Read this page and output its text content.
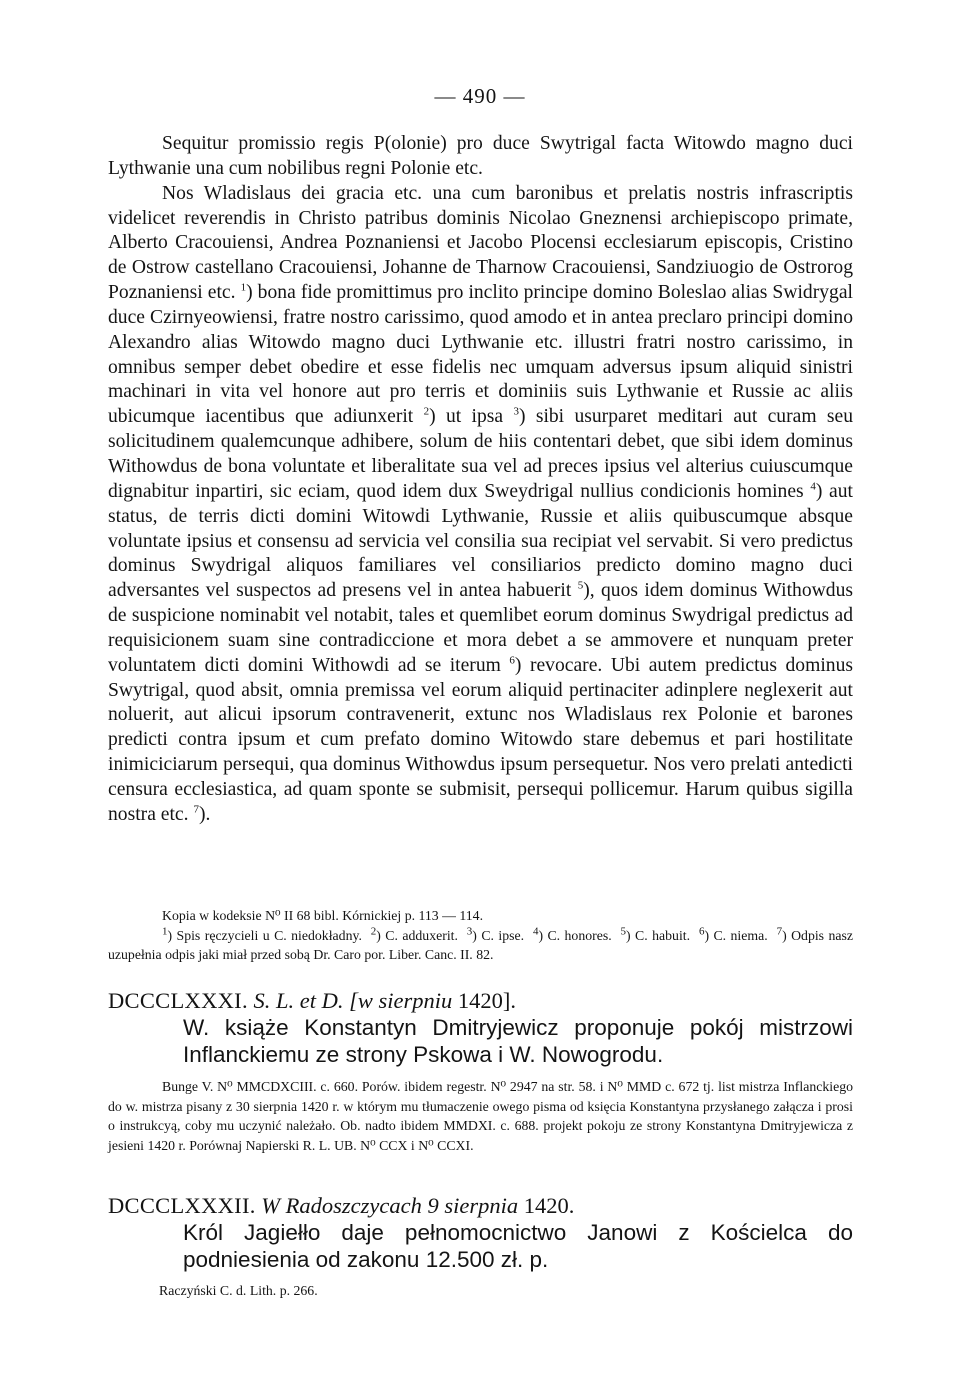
— 490 —

Sequitur promissio regis P(olonie) pro duce Swytrigal facta Witowdo magno duci Lythwanie una cum nobilibus regni Polonie etc.

Nos Wladislaus dei gracia etc. una cum baronibus et prelatis nostris infrascriptis videlicet reverendis in Christo patribus dominis Nicolao Gneznensi archiepiscopo primate, Alberto Cracouiensi, Andrea Poznaniensi et Jacobo Plocensi ecclesiarum episcopis, Cristino de Ostrow castellano Cracouiensi, Johanne de Tharnow Cracouiensi, Sandziuogio de Ostrorog Poznaniensi etc. $^1$) bona fide promittimus pro inclito principe domino Boleslao alias Swidrygal duce Czirnyeowiensi, fratre nostro carissimo, quod amodo et in antea preclaro principi domino Alexandro alias Witowdo magno duci Lythwanie etc. illustri fratri nostro carissimo, in omnibus semper debet obedire et esse fidelis nec umquam adversus ipsum aliquid sinistri machinari in vita vel honore aut pro terris et dominiis suis Lythwanie et Russie ac aliis ubicumque iacentibus que adiunxerit $^2$) ut ipsa $^3$) sibi usurparet meditari aut curam seu solicitudinem qualemcunque adhibere, solum de hiis contentari debet, que sibi idem dominus Withowdus de bona voluntate et liberalitate sua vel ad preces ipsius vel alterius cuiuscumque dignabitur inpartiri, sic eciam, quod idem dux Sweydrigal nullius condicionis homines $^4$) aut status, de terris dicti domini Witowdi Lythwanie, Russie et aliis quibuscumque absque voluntate ipsius et consensu ad servicia vel consilia sua recipiat vel servabit. Si vero predictus dominus Swydrigal aliquos familiares vel consiliarios predicto domino magno duci adversantes vel suspectos ad presens vel in antea habuerit $^5$), quos idem dominus Withowdus de suspicione nominabit vel notabit, tales et quemlibet eorum dominus Swydrigal predictus ad requisicionem suam sine contradiccione et mora debet a se ammovere et nunquam preter voluntatem dicti domini Withowdi ad se iterum $^6$) revocare. Ubi autem predictus dominus Swytrigal, quod absit, omnia premissa vel eorum aliquid pertinaciter adinplere neglexerit aut noluerit, aut alicui ipsorum contravenerit, extunc nos Wladislaus rex Polonie et barones predicti contra ipsum et cum prefato domino Witowdo stare debemus et pari hostilitate inimiciciarum persequi, qua dominus Withowdus ipsum persequetur. Nos vero prelati antedicti censura ecclesiastica, ad quam sponte se submisit, persequi pollicemur. Harum quibus sigilla nostra etc. $^7$).

Kopia w kodeksie N⁰ II 68 bibl. Kórnickiej p. 113 — 114.

$^1$) Spis ręczycieli u C. niedokładny. $^2$) C. adduxerit. $^3$) C. ipse. $^4$) C. honores. $^5$) C. habuit. $^6$) C. niema. $^7$) Odpis nasz uzupełnia odpis jaki miał przed sobą Dr. Caro por. Liber. Canc. II. 82.

DCCCLXXXI. S. L. et D. [w sierpniu 1420].
W. książe Konstantyn Dmitryjewicz proponuje pokój mistrzowi Inflanckiemu ze strony Pskowa i W. Nowogrodu.

Bunge V. N⁰ MMCDXCIII. c. 660. Porów. ibidem regestr. N⁰ 2947 na str. 58. i N⁰ MMD c. 672 tj. list mistrza Inflanckiego do w. mistrza pisany z 30 sierpnia 1420 r. w którym mu tłumaczenie owego pisma od księcia Konstantyna przysłanego załącza i prosi o instrukcyą, coby mu uczynić należało. Ob. nadto ibidem MMDXI. c. 688. projekt pokoju ze strony Konstantyna Dmitryjewicza z jesieni 1420 r. Porównaj Napierski R. L. UB. N⁰ CCX i N⁰ CCXI.

DCCCLXXXII. W Radoszczycach 9 sierpnia 1420.
Król Jagiełło daje pełnomocnictwo Janowi z Kościelca do podniesienia od zakonu 12.500 zł. p.
Raczyński C. d. Lith. p. 266.
